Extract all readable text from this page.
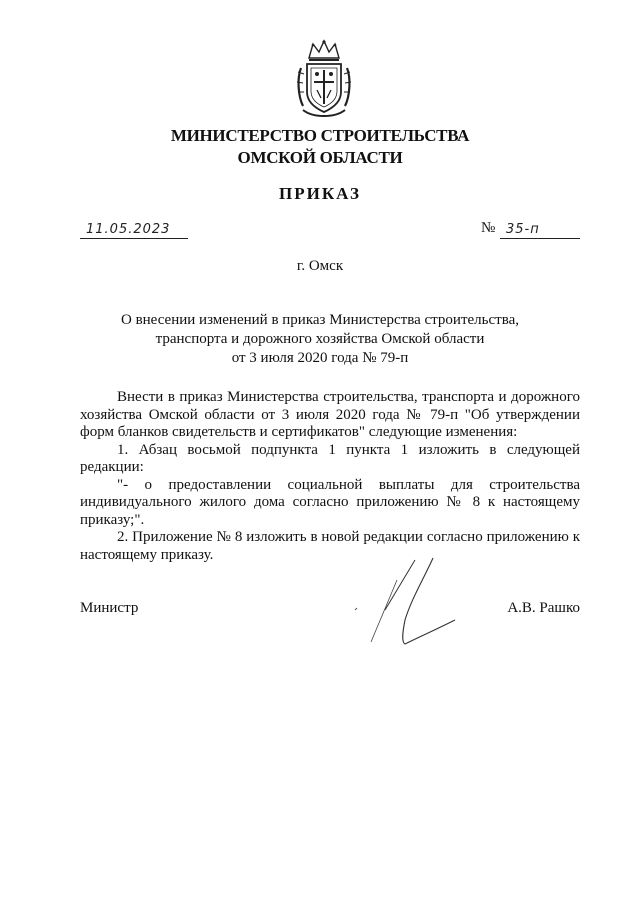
МИНИСТЕРСТВО СТРОИТЕЛЬСТВА
ОМСКОЙ ОБЛАСТИ
ПРИКАЗ
11.05.2023	№ 35-п
г. Омск
О внесении изменений в приказ Министерства строительства,
транспорта и дорожного хозяйства Омской области
от 3 июля 2020 года № 79-п

Внести в приказ Министерства строительства, транспорта и дорожного хозяйства Омской области от 3 июля 2020 года № 79-п "Об утверждении форм бланков свидетельств и сертификатов" следующие изменения:

1. Абзац восьмой подпункта 1 пункта 1 изложить в следующей редакции:

"- о предоставлении социальной выплаты для строительства индивидуального жилого дома согласно приложению № 8 к настоящему приказу;".

2. Приложение № 8 изложить в новой редакции согласно приложению к настоящему приказу.

Министр	А.В. Рашко
